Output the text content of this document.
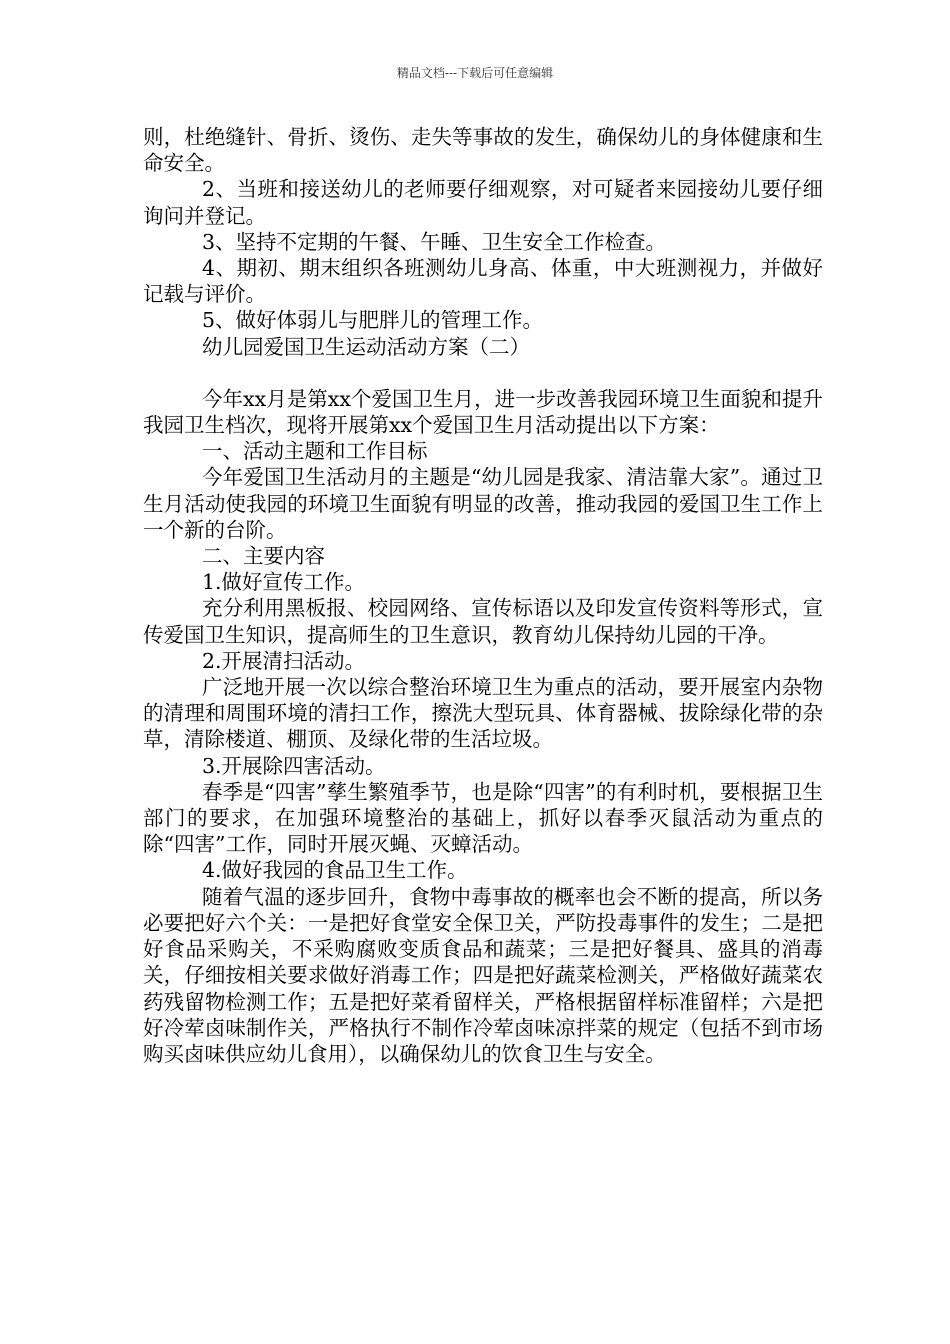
精品文档---下载后可任意编辑

则，杜绝缝针、骨折、烫伤、走失等事故的发生，确保幼儿的身体健康和生命安全。

2、当班和接送幼儿的老师要仔细观察，对可疑者来园接幼儿要仔细询问并登记。

3、坚持不定期的午餐、午睡、卫生安全工作检查。

4、期初、期末组织各班测幼儿身高、体重，中大班测视力，并做好记载与评价。

5、做好体弱儿与肥胖儿的管理工作。

幼儿园爱国卫生运动活动方案（二）

今年xx月是第xx个爱国卫生月，进一步改善我园环境卫生面貌和提升我园卫生档次，现将开展第xx个爱国卫生月活动提出以下方案：

一、活动主题和工作目标

今年爱国卫生活动月的主题是“幼儿园是我家、清洁靠大家”。通过卫生月活动使我园的环境卫生面貌有明显的改善，推动我园的爱国卫生工作上一个新的台阶。

二、主要内容

1.做好宣传工作。

充分利用黑板报、校园网络、宣传标语以及印发宣传资料等形式，宣传爱国卫生知识，提高师生的卫生意识，教育幼儿保持幼儿园的干净。

2.开展清扫活动。

广泛地开展一次以综合整治环境卫生为重点的活动，要开展室内杂物的清理和周围环境的清扫工作，擦洗大型玩具、体育器械、拔除绿化带的杂草，清除楼道、棚顶、及绿化带的生活垃圾。

3.开展除四害活动。

春季是“四害”孳生繁殖季节，也是除“四害”的有利时机，要根据卫生部门的要求，在加强环境整治的基础上，抓好以春季灭鼠活动为重点的除“四害”工作，同时开展灭蝇、灭蟑活动。

4.做好我园的食品卫生工作。

随着气温的逐步回升，食物中毒事故的概率也会不断的提高，所以务必要把好六个关：一是把好食堂安全保卫关，严防投毒事件的发生；二是把好食品采购关，不采购腐败变质食品和蔬菜；三是把好餐具、盛具的消毒关，仔细按相关要求做好消毒工作；四是把好蔬菜检测关，严格做好蔬菜农药残留物检测工作；五是把好菜肴留样关，严格根据留样标准留样；六是把好冷荤卤味制作关，严格执行不制作冷荤卤味凉拌菜的规定（包括不到市场购买卤味供应幼儿食用），以确保幼儿的饮食卫生与安全。
